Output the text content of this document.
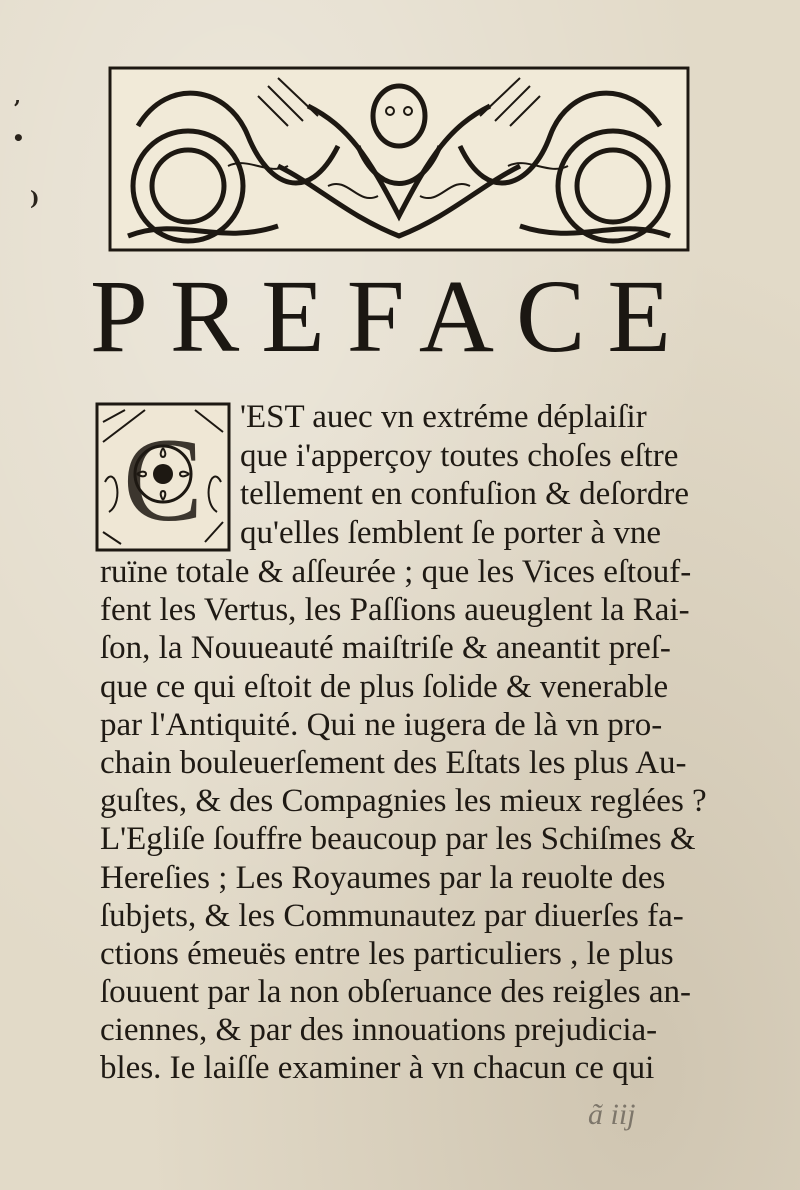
,
•
)
PREFACE
C 'EST auec vn extréme déplaiſir
que i'apperçoy toutes choſes eſtre
tellement en confuſion & deſordre
qu'elles ſemblent ſe porter à vne
ruïne totale & aſſeurée ; que les Vices eſtouf-
fent les Vertus, les Paſſions aueuglent la Rai-
ſon, la Nouueauté maiſtriſe & aneantit preſ-
que ce qui eſtoit de plus ſolide & venerable
par l'Antiquité. Qui ne iugera de là vn pro-
chain bouleuerſement des Eſtats les plus Au-
guſtes, & des Compagnies les mieux reglées ?
L'Egliſe ſouffre beaucoup par les Schiſmes &
Hereſies ; Les Royaumes par la reuolte des
ſubjets, & les Communautez par diuerſes fa-
ctions émeuës entre les particuliers , le plus
ſouuent par la non obſeruance des reigles an-
ciennes, & par des innouations prejudicia-
bles. Ie laiſſe examiner à vn chacun ce qui
ã iij
